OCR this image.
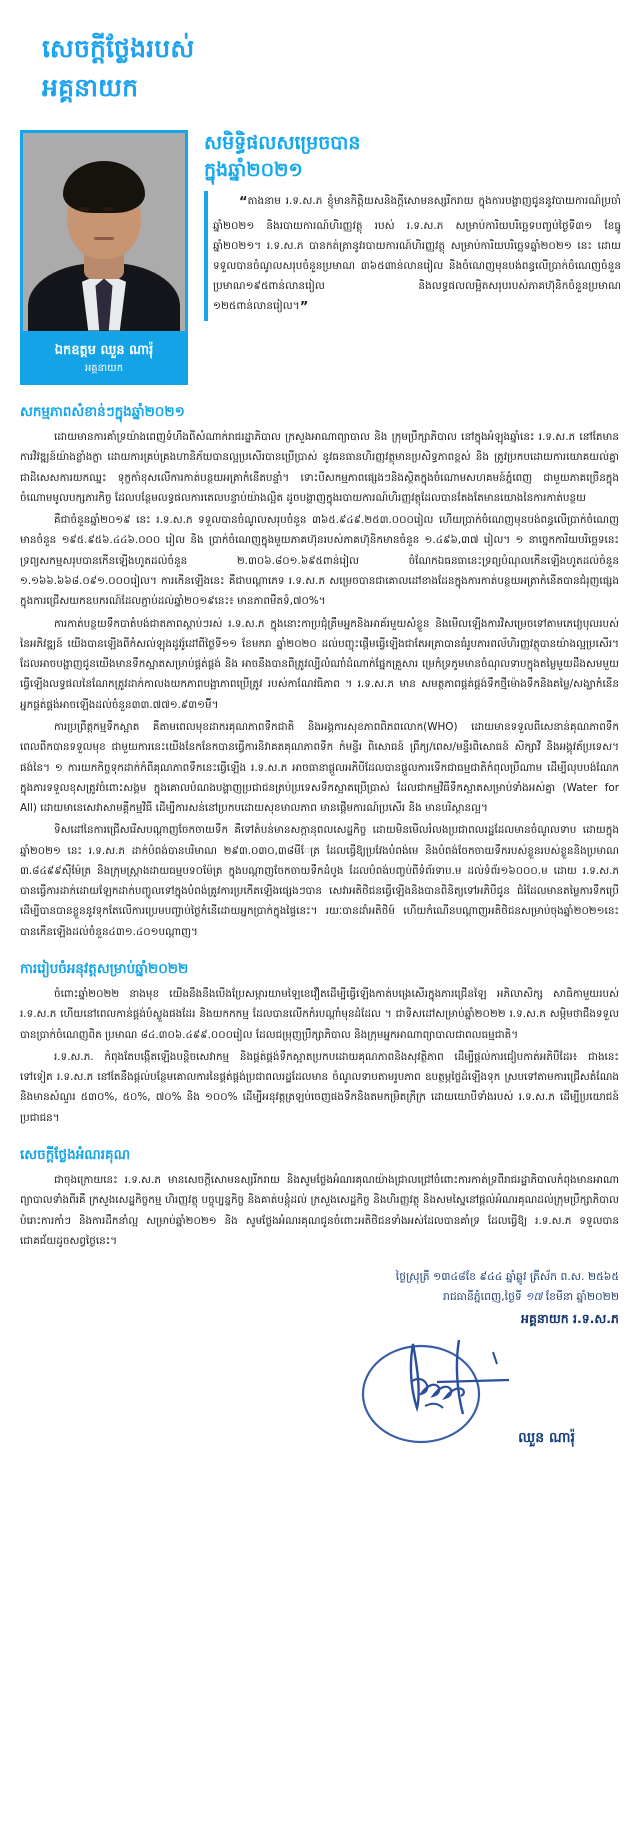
សេចក្តីថ្លែងរបស់
អគ្គនាយក
ឯកឧត្តម ឈួន ណារ៉ុ
អគ្គនាយក
សមិទ្ធិផលសម្រេចបាន
ក្នុងឆ្នាំ២០២១
“តាងនាម រ.ទ.ស.ភ ខ្ញុំមានកិត្តិយសនិងក្តីសោមនស្សរីករាយ ក្នុងការបង្ហាញជូននូវបាយការណ៍ប្រចាំឆ្នាំ២០២១ និងរបាយការណ៍ហិរញ្ញវត្ថុ របស់ រ.ទ.ស.ភ សម្រាប់ការិយបរិច្ឆេទបញ្ចប់ថ្ងៃទី៣១ ខែធ្នូ ឆ្នាំ២០២១។ រ.ទ.ស.ភ បានកត់ត្រានូវរបាយការណ៍ហិរញ្ញវត្ថុ សម្រាប់ការិយបរិច្ឆេទឆ្នាំ២០២១ នេះ ដោយទទួលបានចំណូលសរុបចំនួនប្រមាណ ៣៦៥៣ាន់លានរៀល និងចំណេញមុនបង់ពន្ធលើប្រាក់ចំណេញចំនួនប្រមាណ១៩៥ពាន់លានរៀល និងលទ្ធផលលម្អិតសរុបរបស់ភាគហ៊ុនិកចំនួនប្រមាណ ១២៥ពាន់លានរៀល។”
សកម្មភាពសំខាន់ៗក្នុងឆ្នាំ២០២១

ដោយមានការគាំទ្រយ៉ាងពេញទំហឹងពីសំណាក់រាជរដ្ឋាភិបាល ក្រសួងអាណាព្យាបាល និង ក្រុមប្រឹក្សាភិបាល នៅក្នុងអំឡុងឆ្នាំនេះ រ.ទ.ស.ភ នៅតែមានការវិវឌ្ឍន៍យ៉ាងខ្លាំងក្លា ដោយការគ្រប់គ្រងហានិភ័យបានល្អប្រសើរបានប្រើប្រាស់ នូវធនធានហិរញ្ញវត្ថុមានប្រសិទ្ធភាពខ្ពស់ និង ត្រូវប្រកបដោយការយោគយល់គ្នាជាដិសេសការយកឈ្នះ ទុក្ខកាំខុសលើការកាត់បន្ថយអត្រាកំនើតបន្ទាំ។ ទោះបីសកម្មភាពផ្សេងៗនិងស្ថិតក្នុងចំណោមសហគមន៍ភ្នំពេញ ជាមួយភាគច្រើនក្នុងចំណោមមូលបក្សភារកិច្ច ដែលបន្ថែមលទ្ធផលការតេលបន្ទាប់យ៉ាងល្អិត ដូចបង្ហាញក្នុងរបាយការណ៍ហិរញ្ញវត្ថុដែលបានតែងតែមានយោងនៃការកាត់បន្ថយ

គឺជាចំនួនឆ្នាំ២០១៩ នេះ រ.ទ.ស.ភ ទទួលបានចំណូលសរុបចំនួន ៣៦៥.៩៤៩.២៥៣.០០០រៀល ហើយប្រាក់ចំណេញមុនបង់ពន្ធលើប្រាក់ចំណេញមានចំនួន ១៩៥.៩៥៦.៤៤៦.០០០ រៀល និង ប្រាក់ចំណេញក្នុងមួយភាគហ៊ុនរបស់ភាគហ៊ុនិកមានចំនួន ១.៤៩៦,៣៧ រៀល។ ១ នាច្នេកការិយបរិច្ឆេទនេះទ្រព្យសកម្មសរុបបានកើនឡើងហូតដល់ចំនួន ២.៣០៦.៨០១.៦៩៥ពាន់រៀល ចំណែកឯធនធានេះទ្រព្យបំណុលកើនឡើងហូតដល់ចំនួន ១.១៦៦.៦៦៨.០៩១.០០០រៀល។ ការកើនឡើងនេះ គឺជាបណ្តាភេទ រ.ទ.ស.ភ សម្រេចបានជាគោលដៅខាងដែនក្នុងការកាត់បន្ថយអត្រាកំនើតបានជំរុញផ្សេងក្នុងការជ្រើសយកឧបករណ៍ដែលភ្ជាប់ដល់ឆ្នាំ២០១៩នេះ៖ មានភាពមឺតទំ,៧០%។

ការកាត់បន្ថយទឹកបាតំបង់ជាតភាពស្តាប់ៗរស់ រ.ទ.ស.ភ ក្នុងនោះកាប្រជុំត្រឹមអ្នកនិងអាគ័រមួយសំខ្លួន និងមើលឡើងការវិសម្រេចទៅតាមភេវ្យេបុលរបស់នៃអភិវឌ្ឍន៍ យើងបានឡើងពីកំសល់ឡុងដូវរ៉ូដៅពីថ្ងៃទី១១ ខែមករា ឆ្នាំ២០២០ ដល់បញ្ចុះផ្តើមធ្វើឡើងជាតែអត្រាបានធំរូបភារពល័ហិរញ្ញវត្ថុបានយ៉ាងល្អប្រសើរ។ ដែលអាចបង្ហាញជូនយើងមានទឹកស្អាតសម្រាប់ផ្គត់ផ្គង់ និង អាចនឹងបានពីត្រូវល្បីលំណាំដំណាក់ផ្នែកគ្រួសារ ម្រេកំទ្រភូមមានចំណុលទាបក្នុងតម្លៃមួយដឹងសមមួយ ធ្វើឡើងលទ្ធផលនៃណែកត្រូវដាក់កាលងយកភាពបង្អាភាពប្រើត្រូវ របស់កាណែវធិភាព ។ រ.ទ.ស.ភ មាន សមត្ថភាពផ្គត់ផ្គង់ទឹកថ្មីម៉ោងទឹកនិងតម្លៃ/សង្ឃាកំនើនអ្នកផ្គត់ផ្គង់អាចឡើងដល់ចំនួន៣៣.៧៧១.៩៣១មី៍។

ការប្រព្រឹត្តកម្មទឹកស្អាត គឺតាមពេលមុខដាករគុណភាពទឹកជាតិ និងអង្គការសុខភាពពិភពលោក(WHO) ដោយមានទទួលពីសេនាន់គុណភាពទឹកពេលពីកបានទទួលមុខ ជាមួយការនេះយើងនែកនែកបានធ្វើការនិវាគតគុណភាពទឹក កំមន្ទីរ ពិសោធន៍ ព្រឹក្យ/ពេស/មន្ទីរពិសោធន៍ សិក្សាវី និងអង្គុវត័ប្រទេស។ ផង់នៃ។ ១ ការយកកិច្ចទុកដាក់កំពីគុណភាពទឹកនេះធ្វើឡើង រ.ទ.ស.ភ អាចធានាផ្តួលអភិបីដែលបានផ្តួលការទើកជាធម្មជាតិកំពុលប្រីណាម ដើម្បីលុបបង់ណែកក្នុងភារទទួលខុសត្រូវចំពោះសង្គម ក្នុងគោលបំណងបង្ហាញប្រជាជនត្រប់ប្រទេសទឹកស្អាតប្រើប្រាស់ ដែលជាកម្មវិធីទឹកស្អាតសម្រាប់ទាំងអស់គ្នា (Water for All) ដោយមានេសេវាសាមគ្គីកម្មវិធី ដើម្បីការសន់នៅប្រកបដោយសុខមាលភាព មានផ្តើមការណ៍ប្រសើរ និង មានបរិស្ថានល្អ។

ទិសដៅនៃការជ្រើសរើសបណ្តាញចែកចាយទឹក គឺទៅតំបន់មានសក្តានុពលសេដ្ឋកិច្ច ដោយមិនមើលរំលងប្រជាពលរដ្ឋដែលមានចំណូលទាប ដោយក្នុងឆ្នាំ២០២១ នេះ រ.ទ.ស.ភ ដាក់បំពង់បានបរិមាណ ២៩៣.០៣០,៣៨មីែត្រ ដែលធ្វើឱ្យប្រវែងបំពង់មេ និងបំពង់ចែកចាយទឹករបស់ខ្លួនរបស់ខ្លួននិងប្រមាណ ៣.៨៤៩៩ស៊ីម៉ែត្រ និងក្រុមស្រ្តាងដាយធម្មបទ០ម៉ែត្រ ក្នុងបណ្តាញចែកចាយទឹកដំបូង ដែលបំពង់បញ្ចប់ពីទំព័រទាប.ម ដល់ទំព័រ១៦០០០.ម ដោយ រ.ទ.ស.ភ បានធ្វើការដាក់ដោយឡែកដាក់បញ្ចូលទៅក្នុងបំពង់ត្រូវការប្រកើតឡើងផ្សេងៗបាន សេវាអតិថិជនធ្វើឡើងនិងបានពិនិត្យទៅអភិបីជូន ជំរំដែលមានតម្លៃការទឹកប្រើ ដើម្បីបានបានខ្លួននូវទុកតែលើការប្រេមបញ្ជាប់ថ្ងៃកំនើដោយអ្នកប្រាក់ក្នុងផ្ទៃនេះ។ រយៈបានដាំអតិថិម៍ ហើយកំណើនបណ្តាញអតិថិជនសម្រាប់ចុងឆ្នាំ២០២១នេះ បានកើនឡើងដល់ចំនួន៤៣១.៤០១បណ្តាញ។

ការរៀបចំអនុវត្តសម្រាប់ឆ្នាំ២០២២

ចំពោះឆ្នាំ២០២២ នាងមុខ យើងនឹងនឹងបើងប្រែសម្ភារយាមឡៃខេវឿតដើម្បីធ្វើឡើងកាត់បង្រេសើរក្នុងភារជ្រើនឡៃ អភិលាសិក្ស សាធិកាមួយរបស់ រ.ទ.ស.ភ ហើយនៅពេលកាន់ផ្គង់បំស្លួងផងដែរ និងយកកកម្ម ដែលបានលើកកំរបណ្តាំមុនដំដែល ។ ជាទិសដៅសម្រាប់ឆ្នាំ២០២២ រ.ទ.ស.ភ សម្ភិមថាជឹងទទួលបានប្រាក់ចំណេញពិត ប្រមាណ ៨៤.៣០៦.៤៩៩.០០០រៀល ដែលជម្រុញប្រឹក្សាភិបាល និងក្រុមអ្នកអាណាព្យាបាលជាពលធម្មជាតិ។

រ.ទ.ស.ភ. កំពុងតែបង្កើតឡើងបន្តិចសេវាកម្ម និងផ្គត់ផ្គង់ទឹកស្អាតប្រកបដោយគុណភាពនិងសុវត្ថិភាព ដើម្បីផ្តល់ការជៀបកាត់អភិបីដែរ៖ ជាងនេះទៅទៀត រ.ទ.ស.ភ នៅតែនឹងផ្តល់បន្ថែមគោលការនៃផ្គត់ផ្គង់ប្រជាពលរដ្ឋដែលមាន ចំណូលទាបតាមរូបភាព ឧបត្ថម្ភថ្លៃដំឡើងទុក ស្របទៅតាមការជ្រើសតំណែងនិងមានសំណួរ ៥៣០%, ៥០%, ៧០% និង ១០០% ដើម្បីអនុវត្តត្រឡប់ចេញផងទឹកនិងតមកម្រិតក្រីក្រ ដោយយោបីទាំងរបស់ រ.ទ.ស.ភ ដើម្បីប្រយោជន៍ប្រជាជន។

សេចក្តីថ្លែងអំណរគុណ

ជាចុងក្រោយនេះ រ.ទ.ស.ភ មានសេចក្តីសោមនស្សរីករាយ និងសូមថ្លែងអំណរគុណយ៉ាងជ្រាលជ្រៅចំពោះការកាត់ទ្រពីរាជរដ្ឋាភិបាលកំពុងមានអាណាព្យាបាលទាំងពីរគឺ ក្រសួងសេដ្ឋកិច្ចកម្ម ហិរញ្ញវត្ថុ បច្ចុប្បន្នកិច្ច និងគាត់បន្តុំដល់ ក្រសួងសេដ្ឋកិច្ច និងហិរញ្ញវត្ថុ និងសមស្នៃនៅផ្តល់អំណរគុណដល់ក្រុមប្រឹក្សាភិបាល បំរោះការកាំៗ និងការដឹកនាំល្អ សម្រាប់ឆ្នាំ២០២១ និង សូមថ្លែងអំណរគុណជូនចំពោះអតិថិជនទាំងអស់ដែលបានគាំទ្រ ដែលធ្វើឱ្យ រ.ទ.ស.ភ ទទួលបានជោគជ័យដូចសព្វថ្ងៃនេះ។

ថ្ងៃស្រុត្រី ១៣៤៨ខែ ៩៤៤ ឆ្នាំឆ្លូវ ត្រីស័ក ព.ស. ២៥៦៥
រាជធានីភ្នំពេញ,ថ្ងៃទី ១៧ ខែមីនា ឆ្នាំ២០២២
អគ្គនាយក រ.ទ.ស.ភ
ឈួន ណារ៉ុ
